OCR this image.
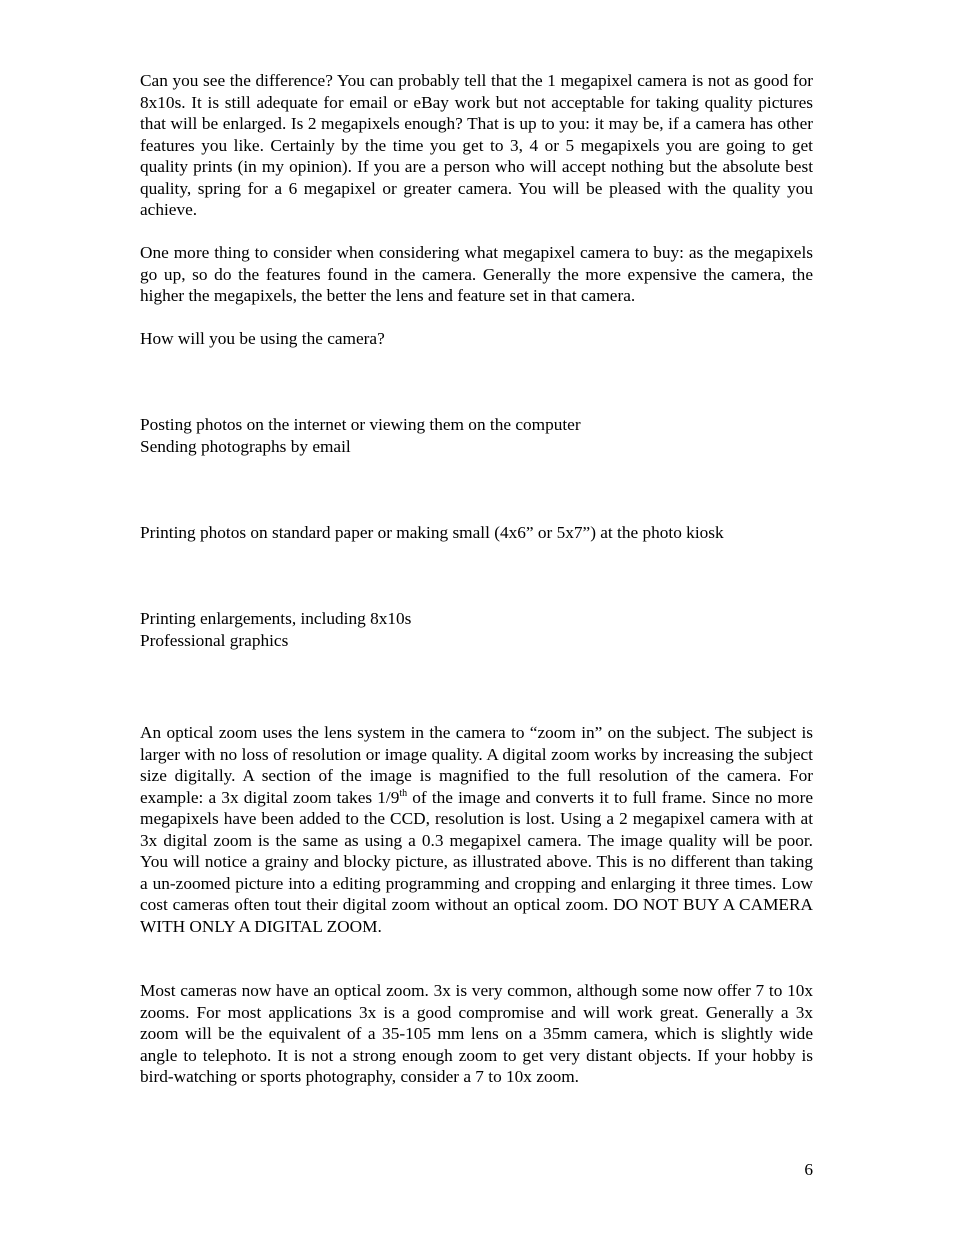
Can you see the difference? You can probably tell that the 1 megapixel camera is not as good for 8x10s. It is still adequate for email or eBay work but not acceptable for taking quality pictures that will be enlarged. Is 2 megapixels enough? That is up to you: it may be, if a camera has other features you like. Certainly by the time you get to 3, 4 or 5 megapixels you are going to get quality prints (in my opinion). If you are a person who will accept nothing but the absolute best quality, spring for a 6 megapixel or greater camera. You will be pleased with the quality you achieve.

One more thing to consider when considering what megapixel camera to buy: as the megapixels go up, so do the features found in the camera. Generally the more expensive the camera, the higher the megapixels, the better the lens and feature set in that camera.

How will you be using the camera?

Posting photos on the internet or viewing them on the computer

Sending photographs by email

Printing photos on standard paper or making small (4x6” or 5x7”) at the photo kiosk

Printing enlargements, including 8x10s

Professional graphics

An optical zoom uses the lens system in the camera to “zoom in” on the subject. The subject is larger with no loss of resolution or image quality. A digital zoom works by increasing the subject size digitally. A section of the image is magnified to the full resolution of the camera. For example: a 3x digital zoom takes 1/9th of the image and converts it to full frame. Since no more megapixels have been added to the CCD, resolution is lost. Using a 2 megapixel camera with at 3x digital zoom is the same as using a 0.3 megapixel camera. The image quality will be poor. You will notice a grainy and blocky picture, as illustrated above. This is no different than taking a un-zoomed picture into a editing programming and cropping and enlarging it three times. Low cost cameras often tout their digital zoom without an optical zoom. DO NOT BUY A CAMERA WITH ONLY A DIGITAL ZOOM.

Most cameras now have an optical zoom. 3x is very common, although some now offer 7 to 10x zooms. For most applications 3x is a good compromise and will work great. Generally a 3x zoom will be the equivalent of a 35-105 mm lens on a 35mm camera, which is slightly wide angle to telephoto. It is not a strong enough zoom to get very distant objects. If your hobby is bird-watching or sports photography, consider a 7 to 10x zoom.

6
